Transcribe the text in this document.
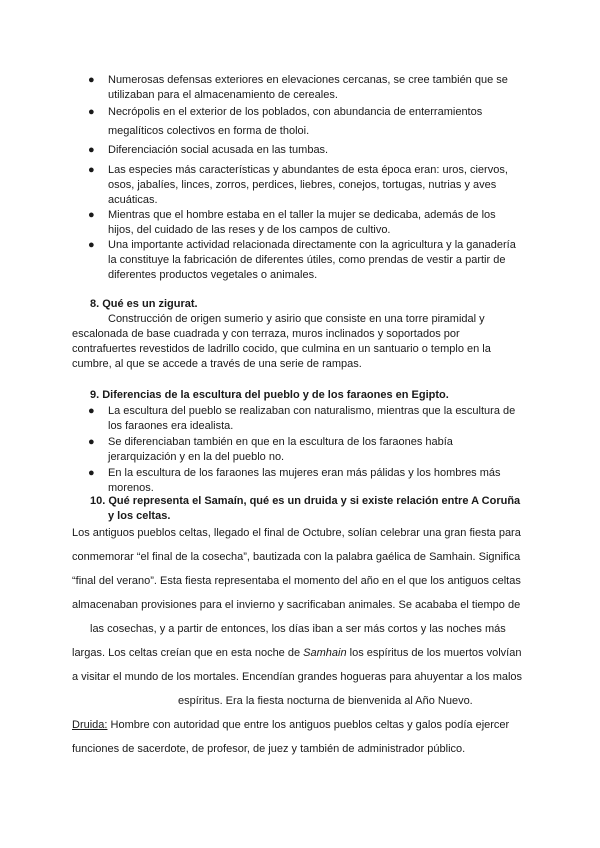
● Numerosas defensas exteriores en elevaciones cercanas, se cree también que se
utilizaban para el almacenamiento de cereales.
● Necrópolis en el exterior de los poblados, con abundancia de enterramientos
megalíticos colectivos en forma de tholoi.
● Diferenciación social acusada en las tumbas.
● Las especies más características y abundantes de esta época eran: uros, ciervos,
osos, jabalíes, linces, zorros, perdices, liebres, conejos, tortugas, nutrias y aves
acuáticas.
● Mientras que el hombre estaba en el taller la mujer se dedicaba, además de los
hijos, del cuidado de las reses y de los campos de cultivo.
● Una importante actividad relacionada directamente con la agricultura y la ganadería
la constituye la fabricación de diferentes útiles, como prendas de vestir a partir de
diferentes productos vegetales o animales.
8. Qué es un zigurat.
Construcción de origen sumerio y asirio que consiste en una torre piramidal y
escalonada de base cuadrada y con terraza, muros inclinados y soportados por
contrafuertes revestidos de ladrillo cocido, que culmina en un santuario o templo en la
cumbre, al que se accede a través de una serie de rampas.
9. Diferencias de la escultura del pueblo y de los faraones en Egipto.
● La escultura del pueblo se realizaban con naturalismo, mientras que la escultura de
los faraones era idealista.
● Se diferenciaban también en que en la escultura de los faraones había
jerarquización y en la del pueblo no.
● En la escultura de los faraones las mujeres eran más pálidas y los hombres más
morenos.
10. Qué representa el Samaín, qué es un druida y si existe relación entre A Coruña
y los celtas.
Los antiguos pueblos celtas, llegado el final de Octubre, solían celebrar una gran fiesta para
conmemorar “el final de la cosecha”, bautizada con la palabra gaélica de Samhain. Significa
“final del verano”. Esta fiesta representaba el momento del año en el que los antiguos celtas
almacenaban provisiones para el invierno y sacrificaban animales. Se acababa el tiempo de
las cosechas, y a partir de entonces, los días iban a ser más cortos y las noches más
largas. Los celtas creían que en esta noche de Samhain los espíritus de los muertos volvían
a visitar el mundo de los mortales. Encendían grandes hogueras para ahuyentar a los malos
espíritus. Era la fiesta nocturna de bienvenida al Año Nuevo.
Druida: Hombre con autoridad que entre los antiguos pueblos celtas y galos podía ejercer
funciones de sacerdote, de profesor, de juez y también de administrador público.
